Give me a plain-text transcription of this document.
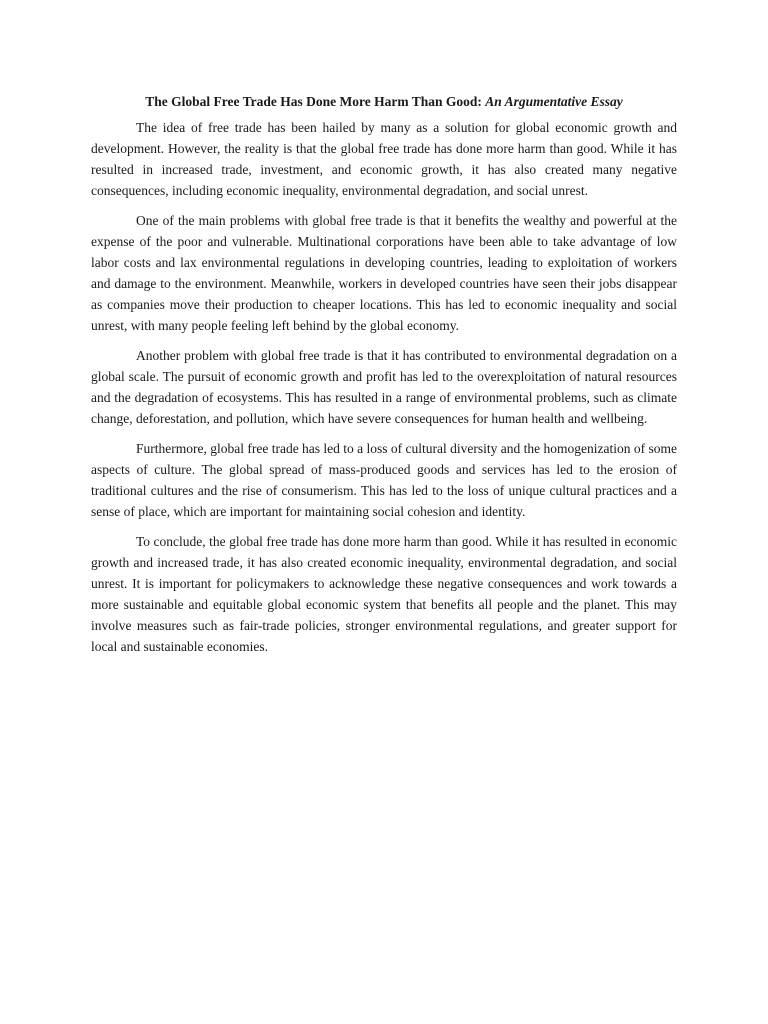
The Global Free Trade Has Done More Harm Than Good: An Argumentative Essay

The idea of free trade has been hailed by many as a solution for global economic growth and development. However, the reality is that the global free trade has done more harm than good. While it has resulted in increased trade, investment, and economic growth, it has also created many negative consequences, including economic inequality, environmental degradation, and social unrest.

One of the main problems with global free trade is that it benefits the wealthy and powerful at the expense of the poor and vulnerable. Multinational corporations have been able to take advantage of low labor costs and lax environmental regulations in developing countries, leading to exploitation of workers and damage to the environment. Meanwhile, workers in developed countries have seen their jobs disappear as companies move their production to cheaper locations. This has led to economic inequality and social unrest, with many people feeling left behind by the global economy.

Another problem with global free trade is that it has contributed to environmental degradation on a global scale. The pursuit of economic growth and profit has led to the overexploitation of natural resources and the degradation of ecosystems. This has resulted in a range of environmental problems, such as climate change, deforestation, and pollution, which have severe consequences for human health and wellbeing.

Furthermore, global free trade has led to a loss of cultural diversity and the homogenization of some aspects of culture. The global spread of mass-produced goods and services has led to the erosion of traditional cultures and the rise of consumerism. This has led to the loss of unique cultural practices and a sense of place, which are important for maintaining social cohesion and identity.

To conclude, the global free trade has done more harm than good. While it has resulted in economic growth and increased trade, it has also created economic inequality, environmental degradation, and social unrest. It is important for policymakers to acknowledge these negative consequences and work towards a more sustainable and equitable global economic system that benefits all people and the planet. This may involve measures such as fair-trade policies, stronger environmental regulations, and greater support for local and sustainable economies.
